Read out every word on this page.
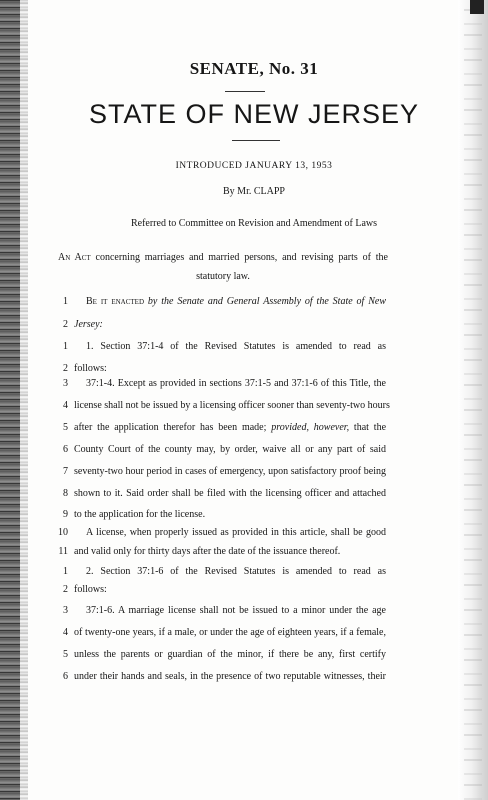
SENATE, No. 31
STATE OF NEW JERSEY
INTRODUCED JANUARY 13, 1953
By Mr. CLAPP
Referred to Committee on Revision and Amendment of Laws
An Act concerning marriages and married persons, and revising parts of the statutory law.
1 Be it enacted by the Senate and General Assembly of the State of New
2 Jersey:
1 1. Section 37:1-4 of the Revised Statutes is amended to read as
2 follows:
3 37:1-4. Except as provided in sections 37:1-5 and 37:1-6 of this Title, the
4 license shall not be issued by a licensing officer sooner than seventy-two hours
5 after the application therefor has been made; provided, however, that the
6 County Court of the county may, by order, waive all or any part of said
7 seventy-two hour period in cases of emergency, upon satisfactory proof being
8 shown to it. Said order shall be filed with the licensing officer and attached
9 to the application for the license.
10 A license, when properly issued as provided in this article, shall be good
11 and valid only for thirty days after the date of the issuance thereof.
1 2. Section 37:1-6 of the Revised Statutes is amended to read as
2 follows:
3 37:1-6. A marriage license shall not be issued to a minor under the age
4 of twenty-one years, if a male, or under the age of eighteen years, if a female,
5 unless the parents or guardian of the minor, if there be any, first certify
6 under their hands and seals, in the presence of two reputable witnesses, their
